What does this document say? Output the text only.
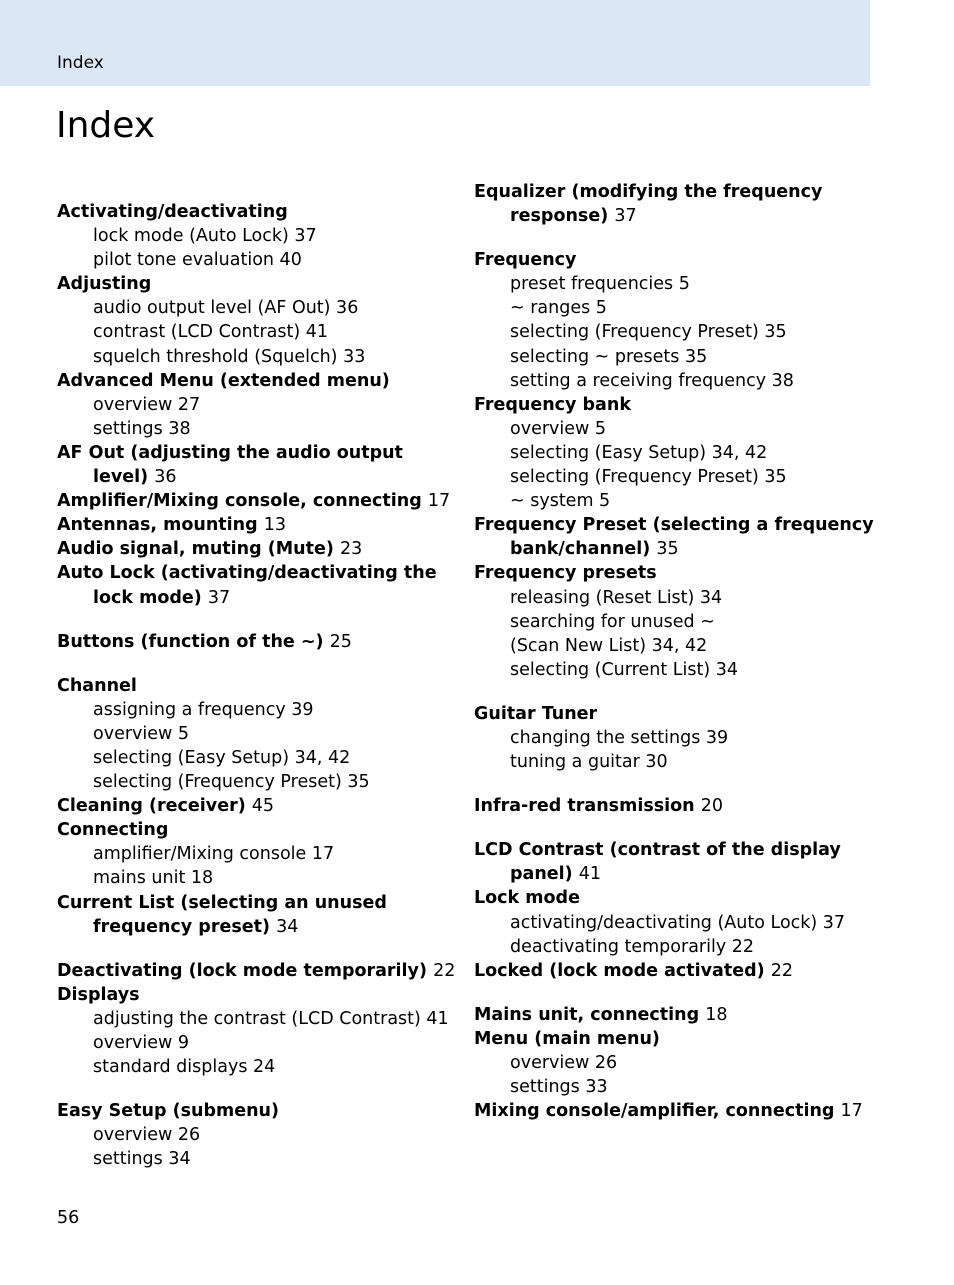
Index
Index
Activating/deactivating
lock mode (Auto Lock) 37
pilot tone evaluation 40
Adjusting
audio output level (AF Out) 36
contrast (LCD Contrast) 41
squelch threshold (Squelch) 33
Advanced Menu (extended menu)
overview 27
settings 38
AF Out (adjusting the audio output level) 36
Amplifier/Mixing console, connecting 17
Antennas, mounting 13
Audio signal, muting (Mute) 23
Auto Lock (activating/deactivating the lock mode) 37
Buttons (function of the ~) 25
Channel
assigning a frequency 39
overview 5
selecting (Easy Setup) 34, 42
selecting (Frequency Preset) 35
Cleaning (receiver) 45
Connecting
amplifier/Mixing console 17
mains unit 18
Current List (selecting an unused frequency preset) 34
Deactivating (lock mode temporarily) 22
Displays
adjusting the contrast (LCD Contrast) 41
overview 9
standard displays 24
Easy Setup (submenu)
overview 26
settings 34
Equalizer (modifying the frequency response) 37
Frequency
preset frequencies 5
~ ranges 5
selecting (Frequency Preset) 35
selecting ~ presets 35
setting a receiving frequency 38
Frequency bank
overview 5
selecting (Easy Setup) 34, 42
selecting (Frequency Preset) 35
~ system 5
Frequency Preset (selecting a frequency bank/channel) 35
Frequency presets
releasing (Reset List) 34
searching for unused ~
(Scan New List) 34, 42
selecting (Current List) 34
Guitar Tuner
changing the settings 39
tuning a guitar 30
Infra-red transmission 20
LCD Contrast (contrast of the display panel) 41
Lock mode
activating/deactivating (Auto Lock) 37
deactivating temporarily 22
Locked (lock mode activated) 22
Mains unit, connecting 18
Menu (main menu)
overview 26
settings 33
Mixing console/amplifier, connecting 17
56
